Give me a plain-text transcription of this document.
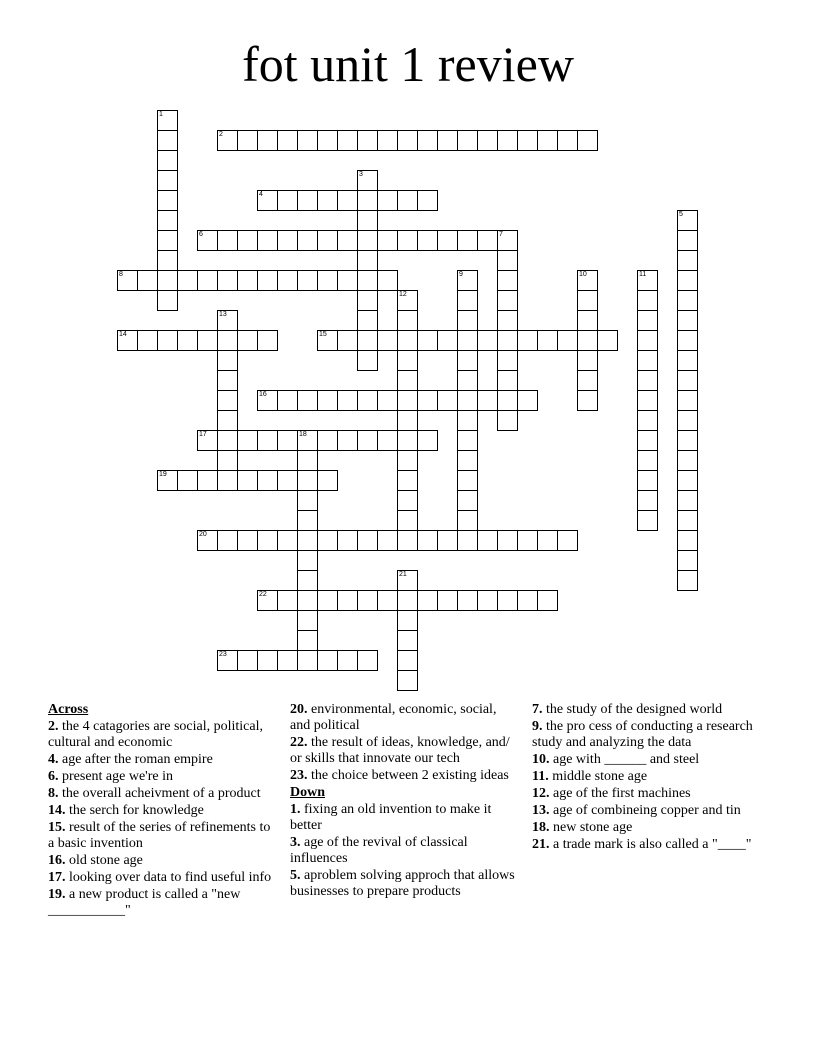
fot unit 1 review
2
4
6
8
14	15
16
17	18
19
20
22
23
1
3
5
7
9	10	11
12
13
21
Across
2. the 4 catagories are social, political, cultural and economic
4. age after the roman empire
6. present age we're in
8. the overall acheivment of a product
14. the serch for knowledge
15. result of the series of refinements to a basic invention
16. old stone age
17. looking over data to find useful info
19. a new product is called a "new ___________"
20. environmental, economic, social, and political
22. the result of ideas, knowledge, and/ or skills that innovate our tech
23. the choice between 2 existing ideas
Down
1. fixing an old invention to make it better
3. age of the revival of classical influences
5. aproblem solving approch that allows businesses to prepare products
7. the study of the designed world
9. the pro cess of conducting a research study and analyzing the data
10. age with ______ and steel
11. middle stone age
12. age of the first machines
13. age of combineing copper and tin
18. new stone age
21. a trade mark is also called a "____"
